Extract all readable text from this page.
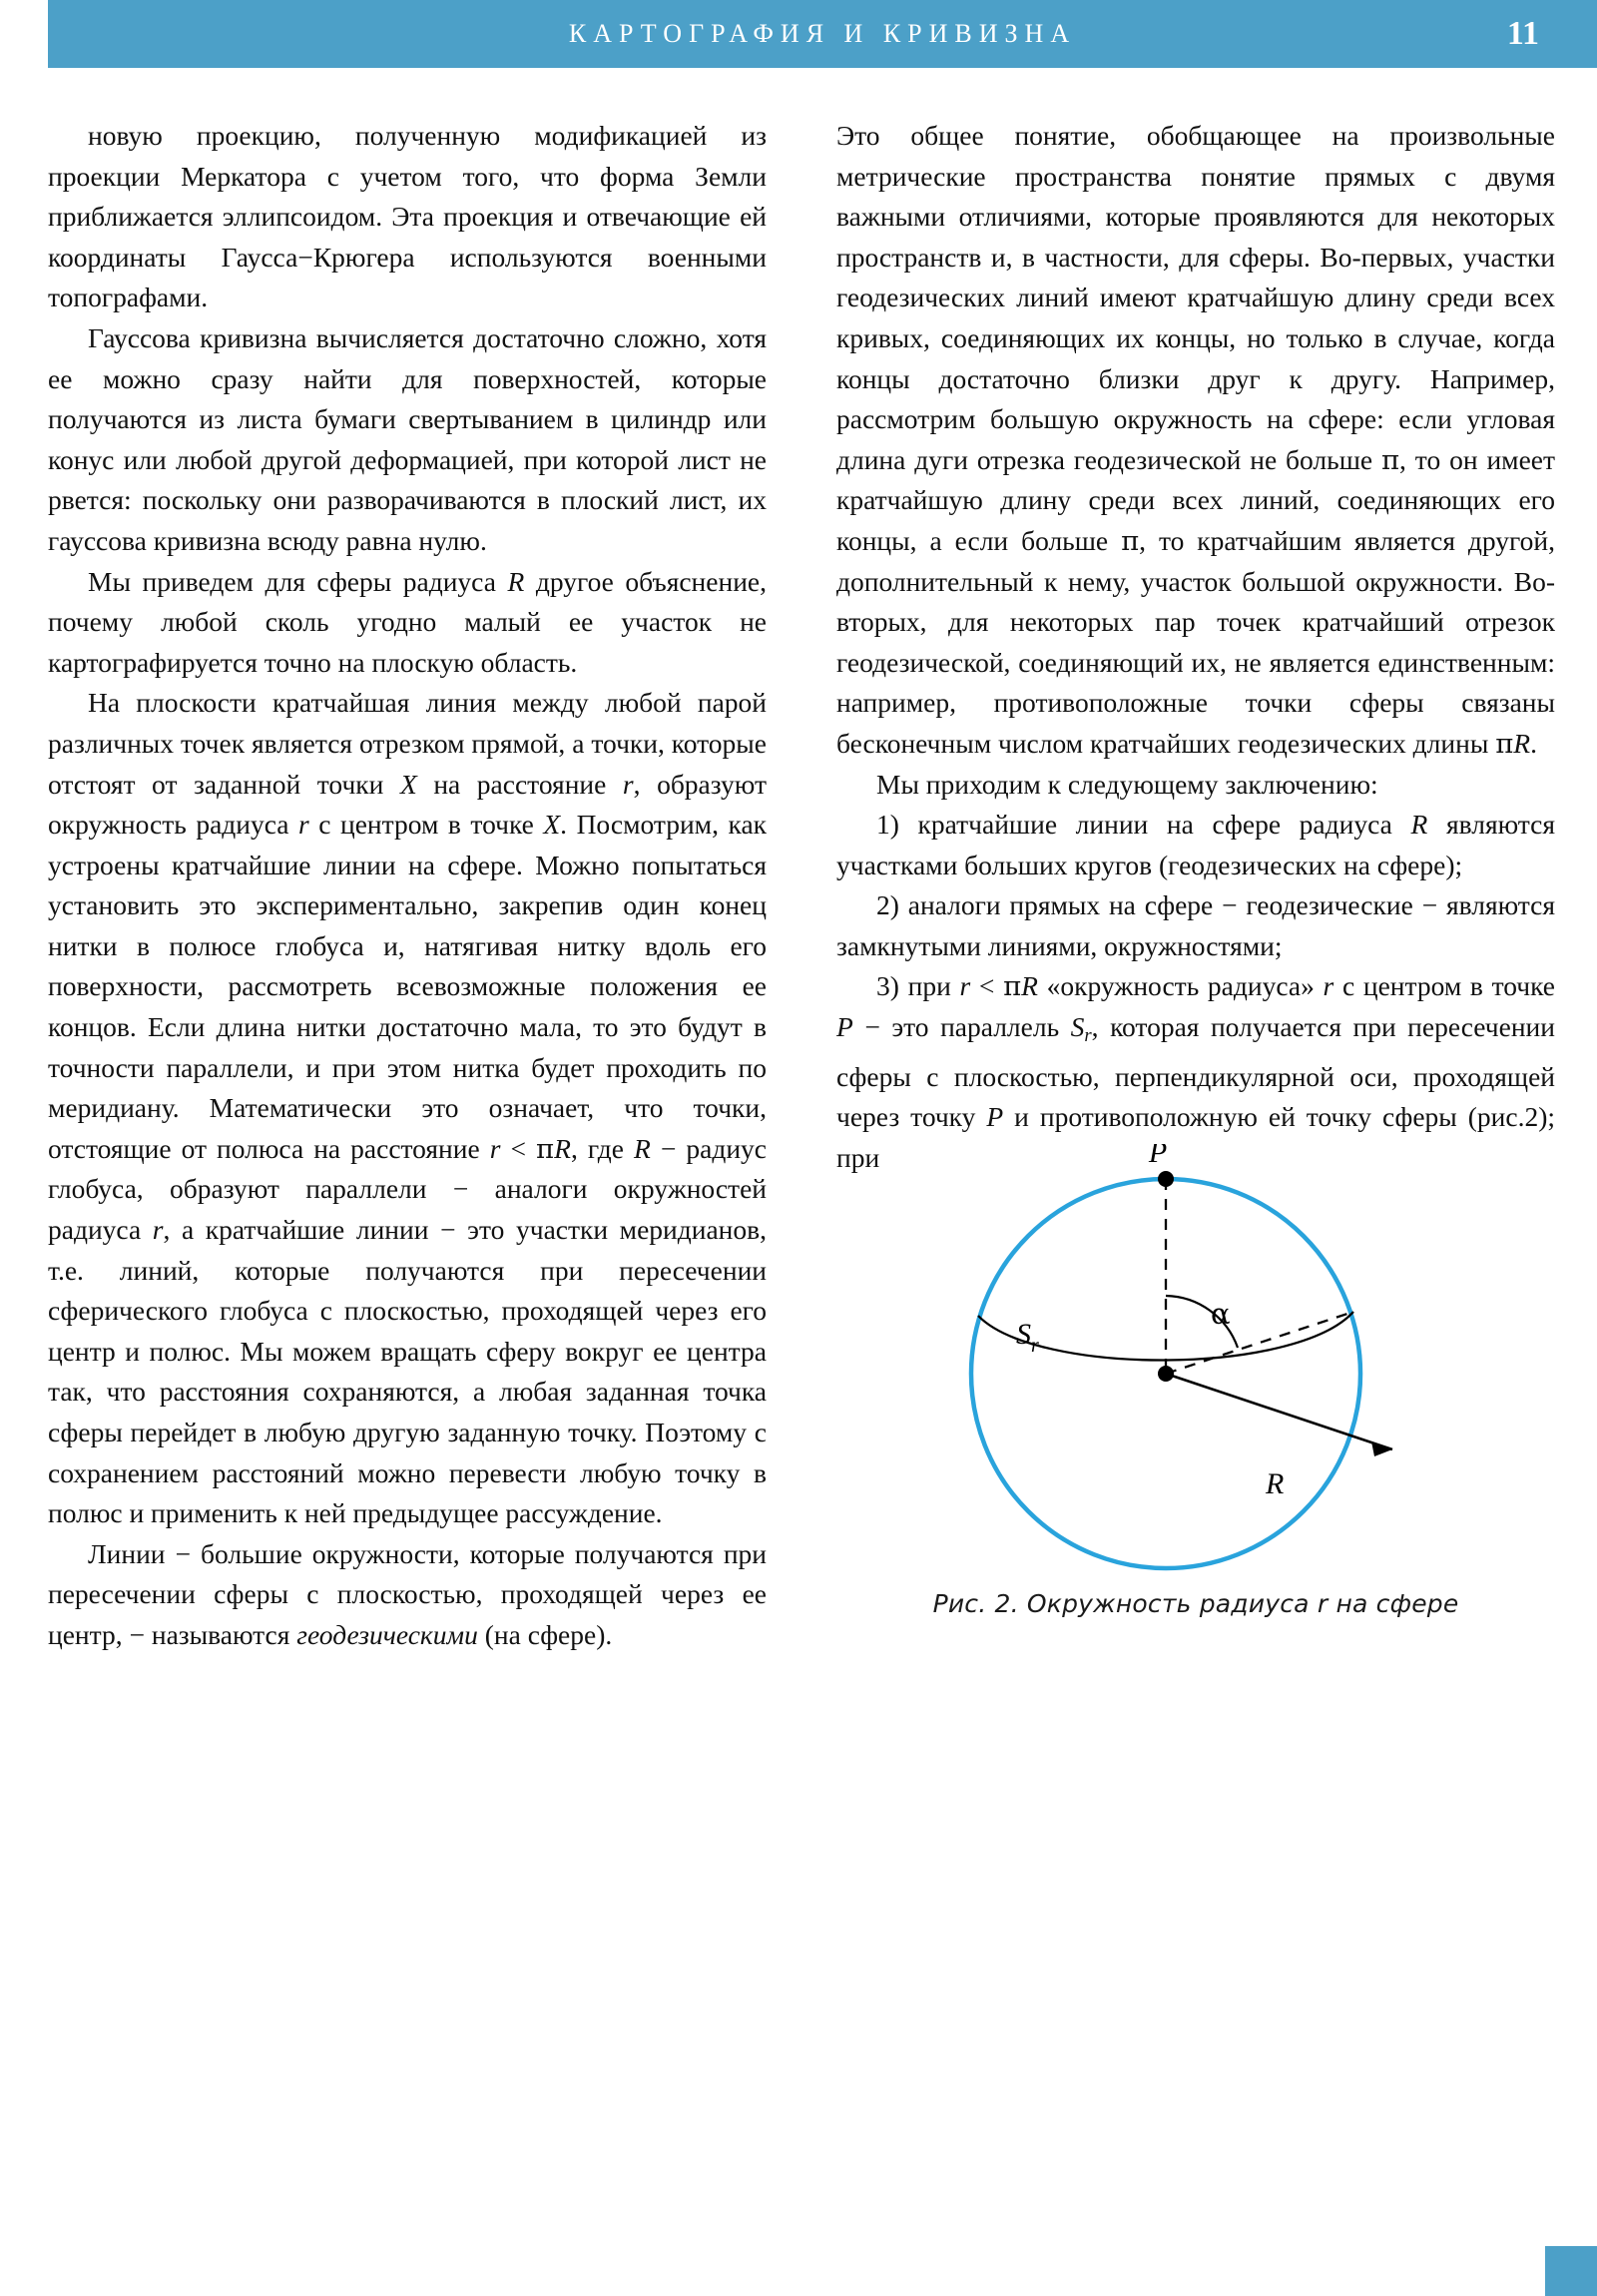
КАРТОГРАФИЯ И КРИВИЗНА	11

новую проекцию, полученную модификацией из проекции Меркатора с учетом того, что форма Земли приближается эллипсоидом. Эта проекция и отвечающие ей координаты Гаусса−Крюгера используются военными топографами.

Гауссова кривизна вычисляется достаточно сложно, хотя ее можно сразу найти для поверхностей, которые получаются из листа бумаги свертыванием в цилиндр или конус или любой другой деформацией, при которой лист не рвется: поскольку они разворачиваются в плоский лист, их гауссова кривизна всюду равна нулю.

Мы приведем для сферы радиуса R другое объяснение, почему любой сколь угодно малый ее участок не картографируется точно на плоскую область.

На плоскости кратчайшая линия между любой парой различных точек является отрезком прямой, а точки, которые отстоят от заданной точки X на расстояние r, образуют окружность радиуса r с центром в точке X. Посмотрим, как устроены кратчайшие линии на сфере. Можно попытаться установить это экспериментально, закрепив один конец нитки в полюсе глобуса и, натягивая нитку вдоль его поверхности, рассмотреть всевозможные положения ее концов. Если длина нитки достаточно мала, то это будут в точности параллели, и при этом нитка будет проходить по меридиану. Математически это означает, что точки, отстоящие от полюса на расстояние r < πR, где R − радиус глобуса, образуют параллели − аналоги окружностей радиуса r, а кратчайшие линии − это участки меридианов, т.е. линий, которые получаются при пересечении сферического глобуса с плоскостью, проходящей через его центр и полюс. Мы можем вращать сферу вокруг ее центра так, что расстояния сохраняются, а любая заданная точка сферы перейдет в любую другую заданную точку. Поэтому с сохранением расстояний можно перевести любую точку в полюс и применить к ней предыдущее рассуждение.

Линии − большие окружности, которые получаются при пересечении сферы с плоскостью, проходящей через ее центр, − называются геодезическими (на сфере).

Это общее понятие, обобщающее на произвольные метрические пространства понятие прямых с двумя важными отличиями, которые проявляются для некоторых пространств и, в частности, для сферы. Во-первых, участки геодезических линий имеют кратчайшую длину среди всех кривых, соединяющих их концы, но только в случае, когда концы достаточно близки друг к другу. Например, рассмотрим большую окружность на сфере: если угловая длина дуги отрезка геодезической не больше π, то он имеет кратчайшую длину среди всех линий, соединяющих его концы, а если больше π, то кратчайшим является другой, дополнительный к нему, участок большой окружности. Во-вторых, для некоторых пар точек кратчайший отрезок геодезической, соединяющий их, не является единственным: например, противоположные точки сферы связаны бесконечным числом кратчайших геодезических длины πR.

Мы приходим к следующему заключению:

1) кратчайшие линии на сфере радиуса R являются участками больших кругов (геодезических на сфере);

2) аналоги прямых на сфере − геодезические − являются замкнутыми линиями, окружностями;

3) при r < πR «окружность радиуса» r с центром в точке P − это параллель $S_r$, которая получается при пересечении сферы с плоскостью, перпендикулярной оси, проходящей через точку P и противоположную ей точку сферы (рис.2); при	P
α
R
$S_r$
Рис. 2. Окружность радиуса r на сфере
